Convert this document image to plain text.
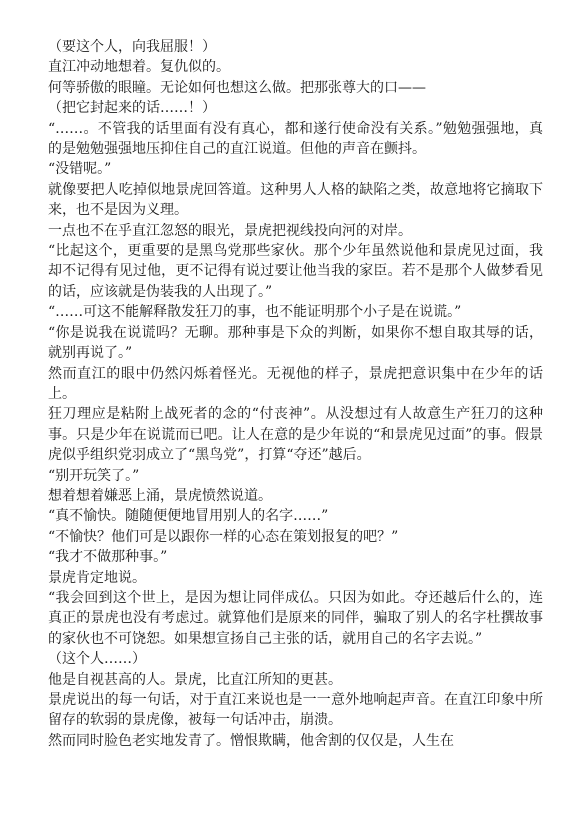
（要这个人，向我屈服！）
直江冲动地想着。复仇似的。
何等骄傲的眼瞳。无论如何也想这么做。把那张尊大的口——
（把它封起来的话……！）
“……。不管我的话里面有没有真心，都和遂行使命没有关系。”勉勉强强地，真的是勉勉强强地压抑住自己的直江说道。但他的声音在颤抖。
“没错呢。”
就像要把人吃掉似地景虎回答道。这种男人人格的缺陷之类，故意地将它摘取下来，也不是因为义理。
一点也不在乎直江忽怒的眼光，景虎把视线投向河的对岸。
“比起这个，更重要的是黑鸟党那些家伙。那个少年虽然说他和景虎见过面，我却不记得有见过他，更不记得有说过要让他当我的家臣。若不是那个人做梦看见的话，应该就是伪装我的人出现了。”
“……可这不能解释散发狂刀的事，也不能证明那个小子是在说谎。”
“你是说我在说谎吗？无聊。那种事是下众的判断，如果你不想自取其辱的话，就别再说了。”
然而直江的眼中仍然闪烁着怪光。无视他的样子，景虎把意识集中在少年的话上。
狂刀理应是粘附上战死者的念的“付丧神”。从没想过有人故意生产狂刀的这种事。只是少年在说谎而已吧。让人在意的是少年说的“和景虎见过面”的事。假景虎似乎组织党羽成立了“黑鸟党”，打算“夺还”越后。
“别开玩笑了。”
想着想着嫌恶上涌，景虎愤然说道。
“真不愉快。随随便便地冒用别人的名字……”
“不愉快？他们可是以跟你一样的心态在策划报复的吧？”
“我才不做那种事。”
景虎肯定地说。
“我会回到这个世上，是因为想让同伴成仏。只因为如此。夺还越后什么的，连真正的景虎也没有考虑过。就算他们是原来的同伴，骗取了别人的名字杜撰故事的家伙也不可饶恕。如果想宣扬自己主张的话，就用自己的名字去说。”
（这个人……）
他是自视甚高的人。景虎，比直江所知的更甚。
景虎说出的每一句话，对于直江来说也是一一意外地响起声音。在直江印象中所留存的软弱的景虎像，被每一句话冲击，崩溃。
然而同时脸色老实地发青了。憎恨欺瞒，他舍割的仅仅是，人生在
